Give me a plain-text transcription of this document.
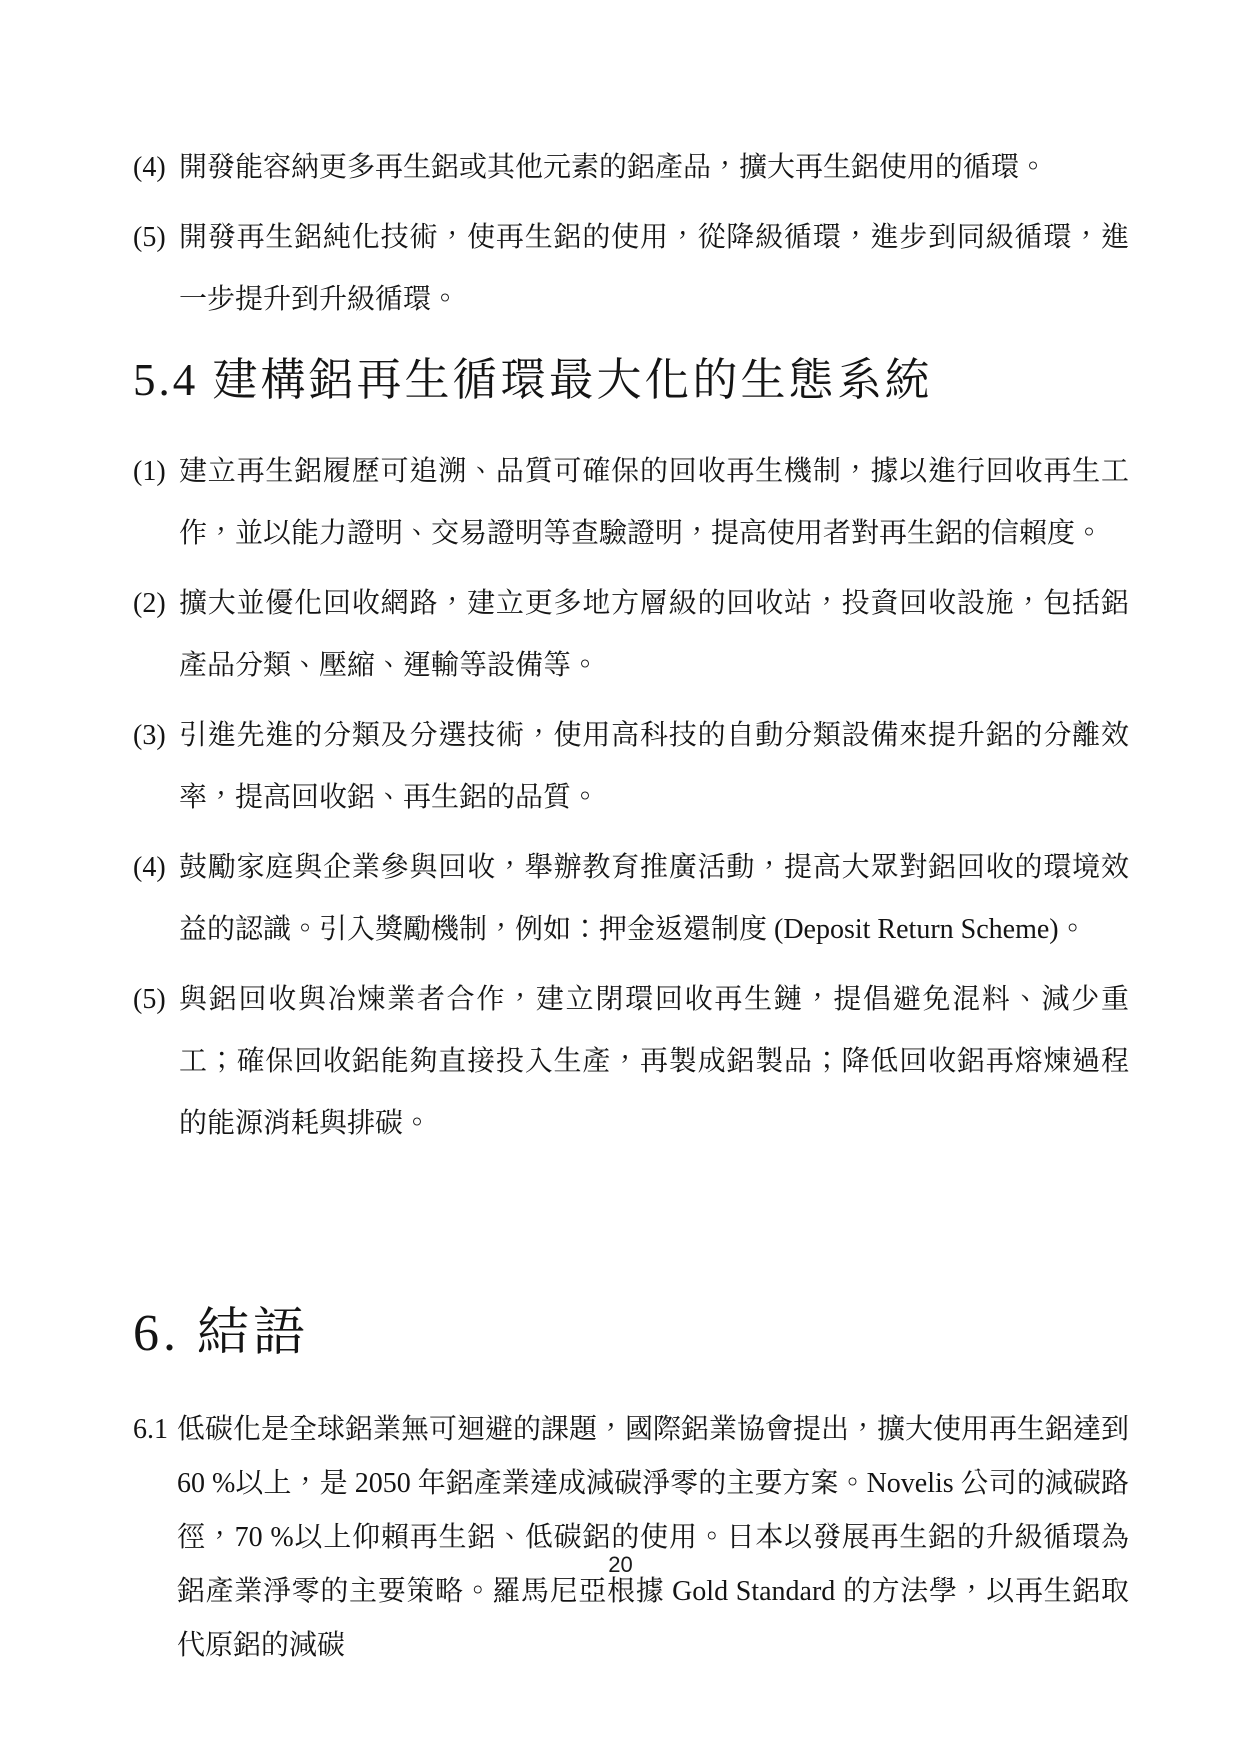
(4) 開發能容納更多再生鋁或其他元素的鋁產品，擴大再生鋁使用的循環。
(5) 開發再生鋁純化技術，使再生鋁的使用，從降級循環，進步到同級循環，進一步提升到升級循環。
5.4 建構鋁再生循環最大化的生態系統
(1) 建立再生鋁履歷可追溯、品質可確保的回收再生機制，據以進行回收再生工作，並以能力證明、交易證明等查驗證明，提高使用者對再生鋁的信賴度。
(2) 擴大並優化回收網路，建立更多地方層級的回收站，投資回收設施，包括鋁產品分類、壓縮、運輸等設備等。
(3) 引進先進的分類及分選技術，使用高科技的自動分類設備來提升鋁的分離效率，提高回收鋁、再生鋁的品質。
(4) 鼓勵家庭與企業參與回收，舉辦教育推廣活動，提高大眾對鋁回收的環境效益的認識。引入獎勵機制，例如：押金返還制度 (Deposit Return Scheme)。
(5) 與鋁回收與冶煉業者合作，建立閉環回收再生鏈，提倡避免混料、減少重工；確保回收鋁能夠直接投入生產，再製成鋁製品；降低回收鋁再熔煉過程的能源消耗與排碳。
6. 結語
6.1 低碳化是全球鋁業無可迴避的課題，國際鋁業協會提出，擴大使用再生鋁達到 60 %以上，是 2050 年鋁產業達成減碳淨零的主要方案。Novelis 公司的減碳路徑，70 %以上仰賴再生鋁、低碳鋁的使用。日本以發展再生鋁的升級循環為鋁產業淨零的主要策略。羅馬尼亞根據 Gold Standard 的方法學，以再生鋁取代原鋁的減碳
20
